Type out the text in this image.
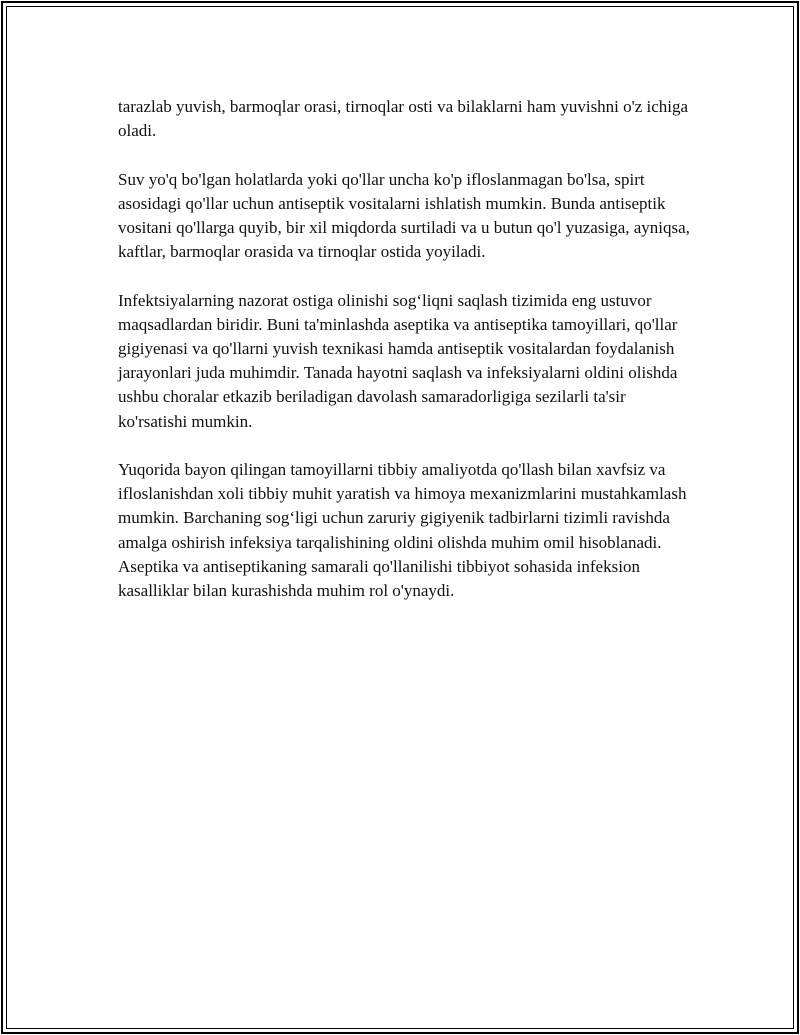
tarazlab yuvish, barmoqlar orasi, tirnoqlar osti va bilaklarni ham yuvishni o'z ichiga oladi.

Suv yo'q bo'lgan holatlarda yoki qo'llar uncha ko'p ifloslanmagan bo'lsa, spirt asosidagi qo'llar uchun antiseptik vositalarni ishlatish mumkin. Bunda antiseptik vositani qo'llarga quyib, bir xil miqdorda surtiladi va u butun qo'l yuzasiga, ayniqsa, kaftlar, barmoqlar orasida va tirnoqlar ostida yoyiladi.

Infektsiyalarning nazorat ostiga olinishi sog‘liqni saqlash tizimida eng ustuvor maqsadlardan biridir. Buni ta'minlashda aseptika va antiseptika tamoyillari, qo'llar gigiyenasi va qo'llarni yuvish texnikasi hamda antiseptik vositalardan foydalanish jarayonlari juda muhimdir. Tanada hayotni saqlash va infeksiyalarni oldini olishda ushbu choralar etkazib beriladigan davolash samaradorligiga sezilarli ta'sir ko'rsatishi mumkin.

Yuqorida bayon qilingan tamoyillarni tibbiy amaliyotda qo'llash bilan xavfsiz va ifloslanishdan xoli tibbiy muhit yaratish va himoya mexanizmlarini mustahkamlash mumkin. Barchaning sog‘ligi uchun zaruriy gigiyenik tadbirlarni tizimli ravishda amalga oshirish infeksiya tarqalishining oldini olishda muhim omil hisoblanadi. Aseptika va antiseptikaning samarali qo'llanilishi tibbiyot sohasida infeksion kasalliklar bilan kurashishda muhim rol o'ynaydi.
